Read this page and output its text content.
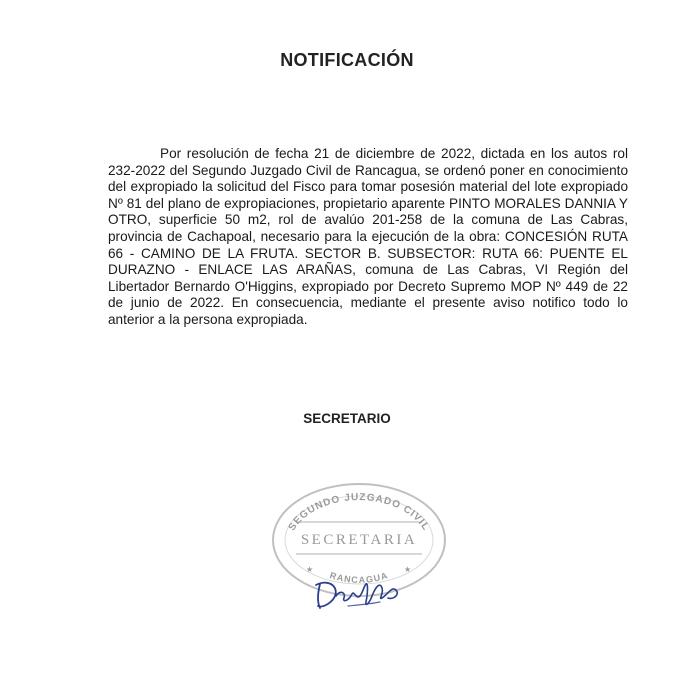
NOTIFICACIÓN
Por resolución de fecha 21 de diciembre de 2022, dictada en los autos rol 232-2022 del Segundo Juzgado Civil de Rancagua, se ordenó poner en conocimiento del expropiado la solicitud del Fisco para tomar posesión material del lote expropiado Nº 81 del plano de expropiaciones, propietario aparente PINTO MORALES DANNIA Y OTRO, superficie 50 m2, rol de avalúo 201-258 de la comuna de Las Cabras, provincia de Cachapoal, necesario para la ejecución de la obra: CONCESIÓN RUTA 66 - CAMINO DE LA FRUTA. SECTOR B. SUBSECTOR: RUTA 66: PUENTE EL DURAZNO - ENLACE LAS ARAÑAS, comuna de Las Cabras, VI Región del Libertador Bernardo O'Higgins, expropiado por Decreto Supremo MOP Nº 449 de 22 de junio de 2022. En consecuencia, mediante el presente aviso notifico todo lo anterior a la persona expropiada.
SECRETARIO
SEGUNDO JUZGADO CIVIL
SECRETARIA
RANCAGUA
★	★
